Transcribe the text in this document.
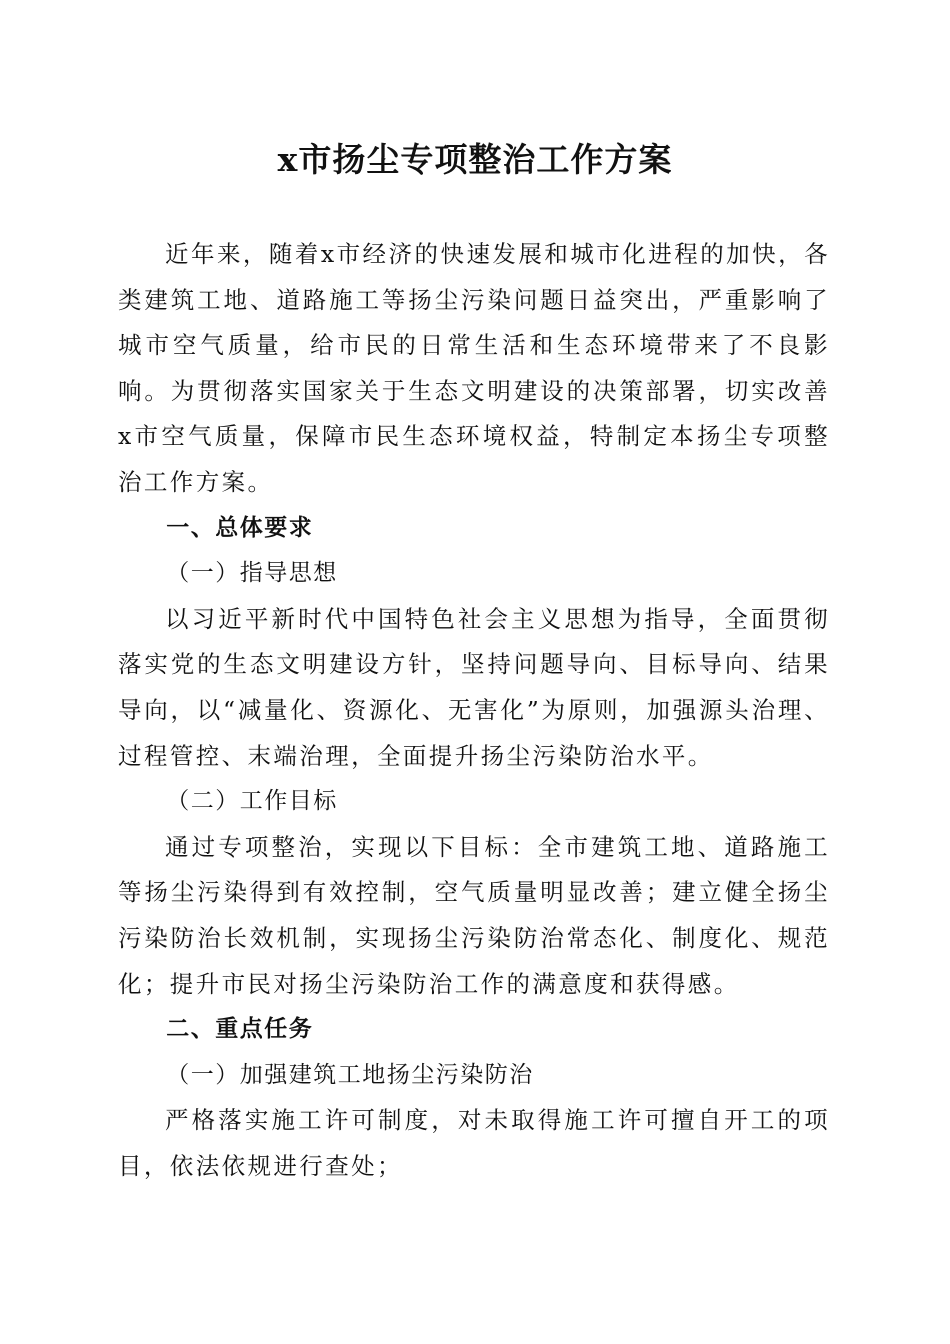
x市扬尘专项整治工作方案

近年来，随着x市经济的快速发展和城市化进程的加快，各类建筑工地、道路施工等扬尘污染问题日益突出，严重影响了城市空气质量，给市民的日常生活和生态环境带来了不良影响。为贯彻落实国家关于生态文明建设的决策部署，切实改善x市空气质量，保障市民生态环境权益，特制定本扬尘专项整治工作方案。

一、总体要求

（一）指导思想

以习近平新时代中国特色社会主义思想为指导，全面贯彻落实党的生态文明建设方针，坚持问题导向、目标导向、结果导向，以“减量化、资源化、无害化”为原则，加强源头治理、过程管控、末端治理，全面提升扬尘污染防治水平。

（二）工作目标

通过专项整治，实现以下目标：全市建筑工地、道路施工等扬尘污染得到有效控制，空气质量明显改善；建立健全扬尘污染防治长效机制，实现扬尘污染防治常态化、制度化、规范化；提升市民对扬尘污染防治工作的满意度和获得感。

二、重点任务

（一）加强建筑工地扬尘污染防治

严格落实施工许可制度，对未取得施工许可擅自开工的项目，依法依规进行查处；
